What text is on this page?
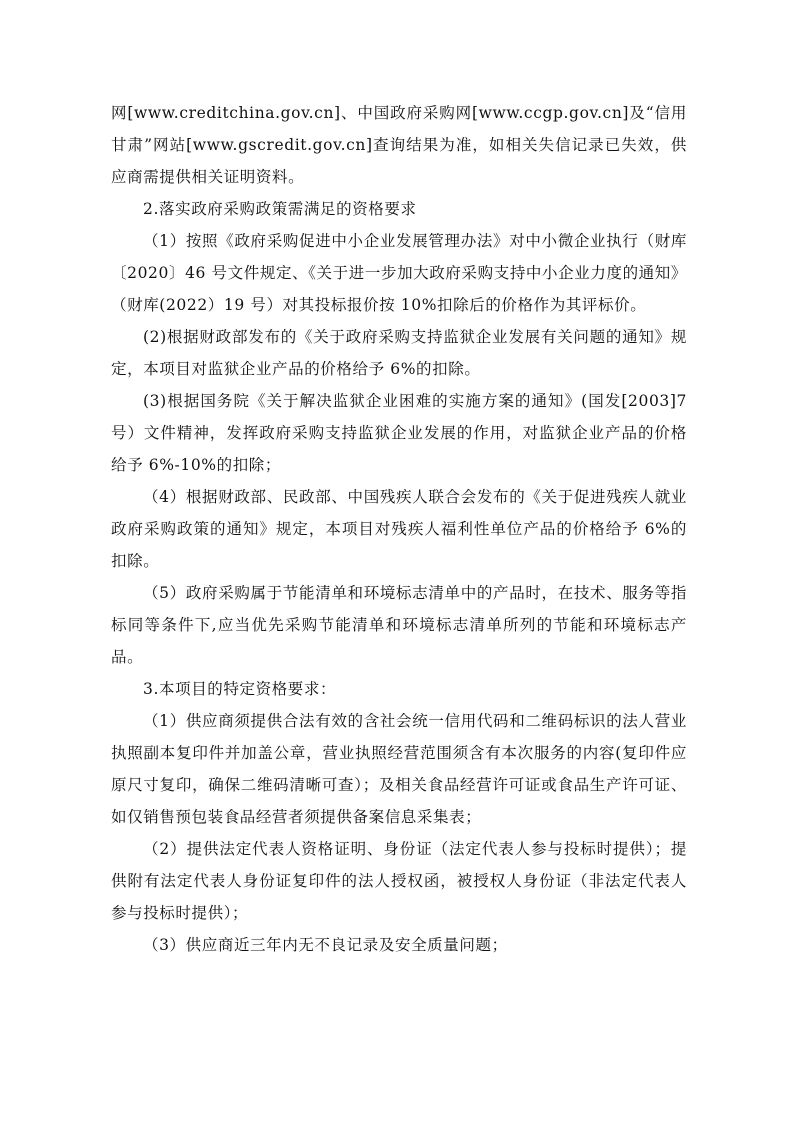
网[www.creditchina.gov.cn]、中国政府采购网[www.ccgp.gov.cn]及“信用甘肃”网站[www.gscredit.gov.cn]查询结果为准，如相关失信记录已失效，供应商需提供相关证明资料。

2.落实政府采购政策需满足的资格要求

（1）按照《政府采购促进中小企业发展管理办法》对中小微企业执行（财库〔2020〕46 号文件规定、《关于进一步加大政府采购支持中小企业力度的通知》（财库(2022）19 号）对其投标报价按 10%扣除后的价格作为其评标价。

(2)根据财政部发布的《关于政府采购支持监狱企业发展有关问题的通知》规定，本项目对监狱企业产品的价格给予 6%的扣除。

(3)根据国务院《关于解决监狱企业困难的实施方案的通知》(国发[2003]7号）文件精神，发挥政府采购支持监狱企业发展的作用，对监狱企业产品的价格给予 6%-10%的扣除；

（4）根据财政部、民政部、中国残疾人联合会发布的《关于促进残疾人就业政府采购政策的通知》规定，本项目对残疾人福利性单位产品的价格给予 6%的扣除。

（5）政府采购属于节能清单和环境标志清单中的产品时，在技术、服务等指标同等条件下,应当优先采购节能清单和环境标志清单所列的节能和环境标志产品。

3.本项目的特定资格要求：

（1）供应商须提供合法有效的含社会统一信用代码和二维码标识的法人营业执照副本复印件并加盖公章，营业执照经营范围须含有本次服务的内容(复印件应原尺寸复印，确保二维码清晰可查）；及相关食品经营许可证或食品生产许可证、如仅销售预包装食品经营者须提供备案信息采集表；

（2）提供法定代表人资格证明、身份证（法定代表人参与投标时提供）；提供附有法定代表人身份证复印件的法人授权函，被授权人身份证（非法定代表人参与投标时提供）；

（3）供应商近三年内无不良记录及安全质量问题；
